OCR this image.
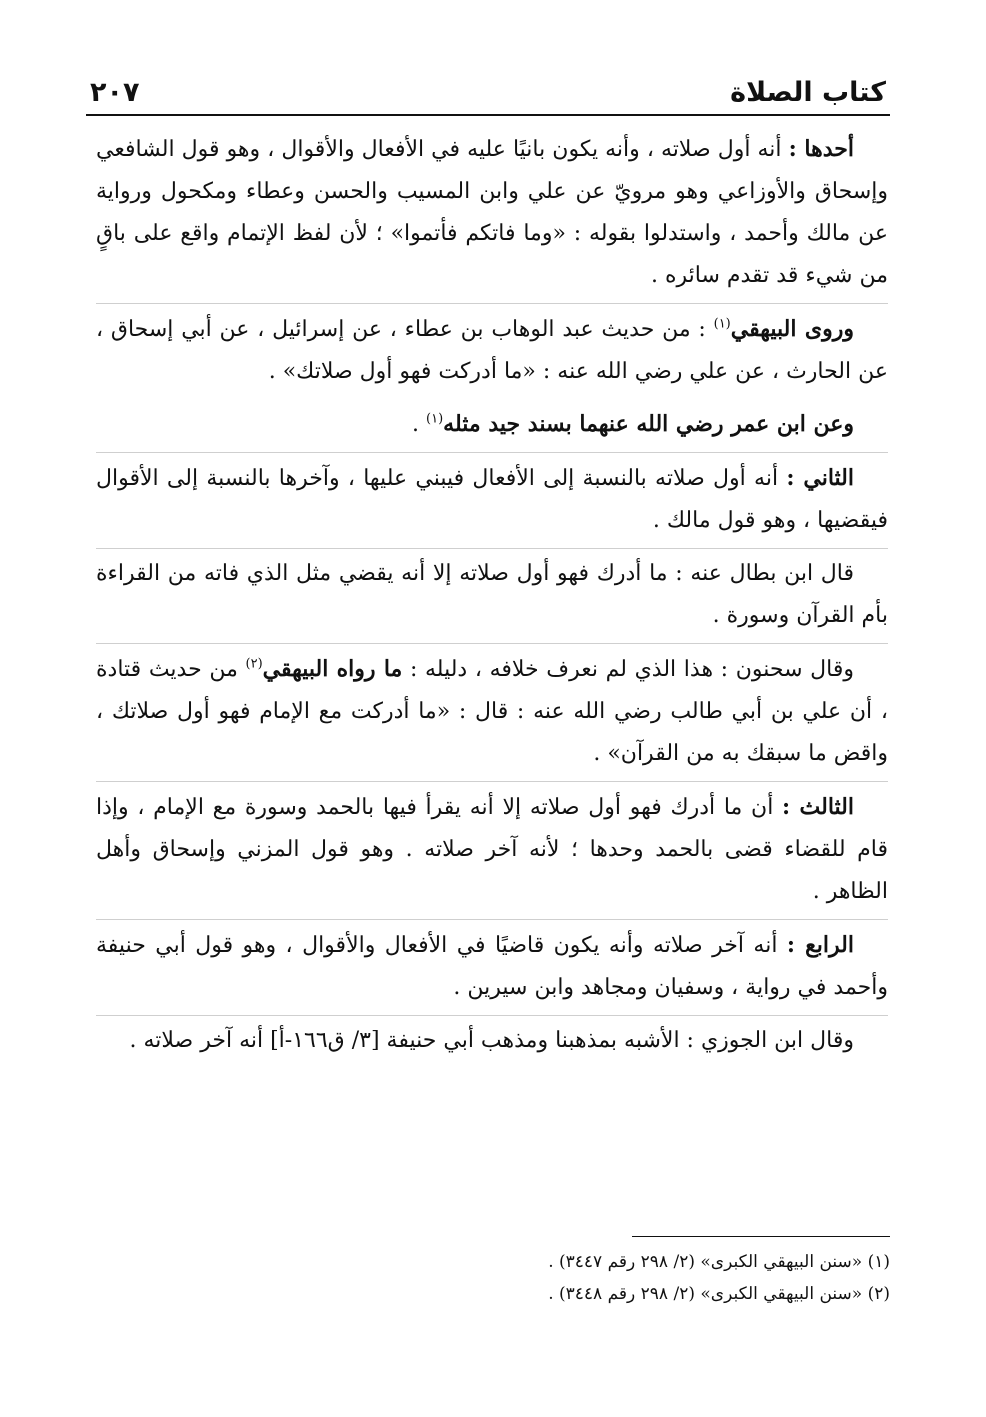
كتاب الصلاة
٢٠٧

أحدها : أنه أول صلاته ، وأنه يكون بانيًا عليه في الأفعال والأقوال ، وهو قول الشافعي وإسحاق والأوزاعي وهو مرويّ عن علي وابن المسيب والحسن وعطاء ومكحول ورواية عن مالك وأحمد ، واستدلوا بقوله : «وما فاتكم فأتموا» ؛ لأن لفظ الإتمام واقع على باقٍ من شيء قد تقدم سائره .

وروى البيهقي$^{(١)}$ : من حديث عبد الوهاب بن عطاء ، عن إسرائيل ، عن أبي إسحاق ، عن الحارث ، عن علي رضي الله عنه : «ما أدركت فهو أول صلاتك» .

وعن ابن عمر رضي الله عنهما بسند جيد مثله$^{(١)}$ .

الثاني : أنه أول صلاته بالنسبة إلى الأفعال فيبني عليها ، وآخرها بالنسبة إلى الأقوال فيقضيها ، وهو قول مالك .

قال ابن بطال عنه : ما أدرك فهو أول صلاته إلا أنه يقضي مثل الذي فاته من القراءة بأم القرآن وسورة .

وقال سحنون : هذا الذي لم نعرف خلافه ، دليله : ما رواه البيهقي$^{(٢)}$ من حديث قتادة ، أن علي بن أبي طالب رضي الله عنه : قال : «ما أدركت مع الإمام فهو أول صلاتك ، واقض ما سبقك به من القرآن» .

الثالث : أن ما أدرك فهو أول صلاته إلا أنه يقرأ فيها بالحمد وسورة مع الإمام ، وإذا قام للقضاء قضى بالحمد وحدها ؛ لأنه آخر صلاته . وهو قول المزني وإسحاق وأهل الظاهر .

الرابع : أنه آخر صلاته وأنه يكون قاضيًا في الأفعال والأقوال ، وهو قول أبي حنيفة وأحمد في رواية ، وسفيان ومجاهد وابن سيرين .

وقال ابن الجوزي : الأشبه بمذهبنا ومذهب أبي حنيفة [٣/ ق١٦٦-أ] أنه آخر صلاته .

(١) «سنن البيهقي الكبرى» (٢/ ٢٩٨ رقم ٣٤٤٧) .
(٢) «سنن البيهقي الكبرى» (٢/ ٢٩٨ رقم ٣٤٤٨) .
